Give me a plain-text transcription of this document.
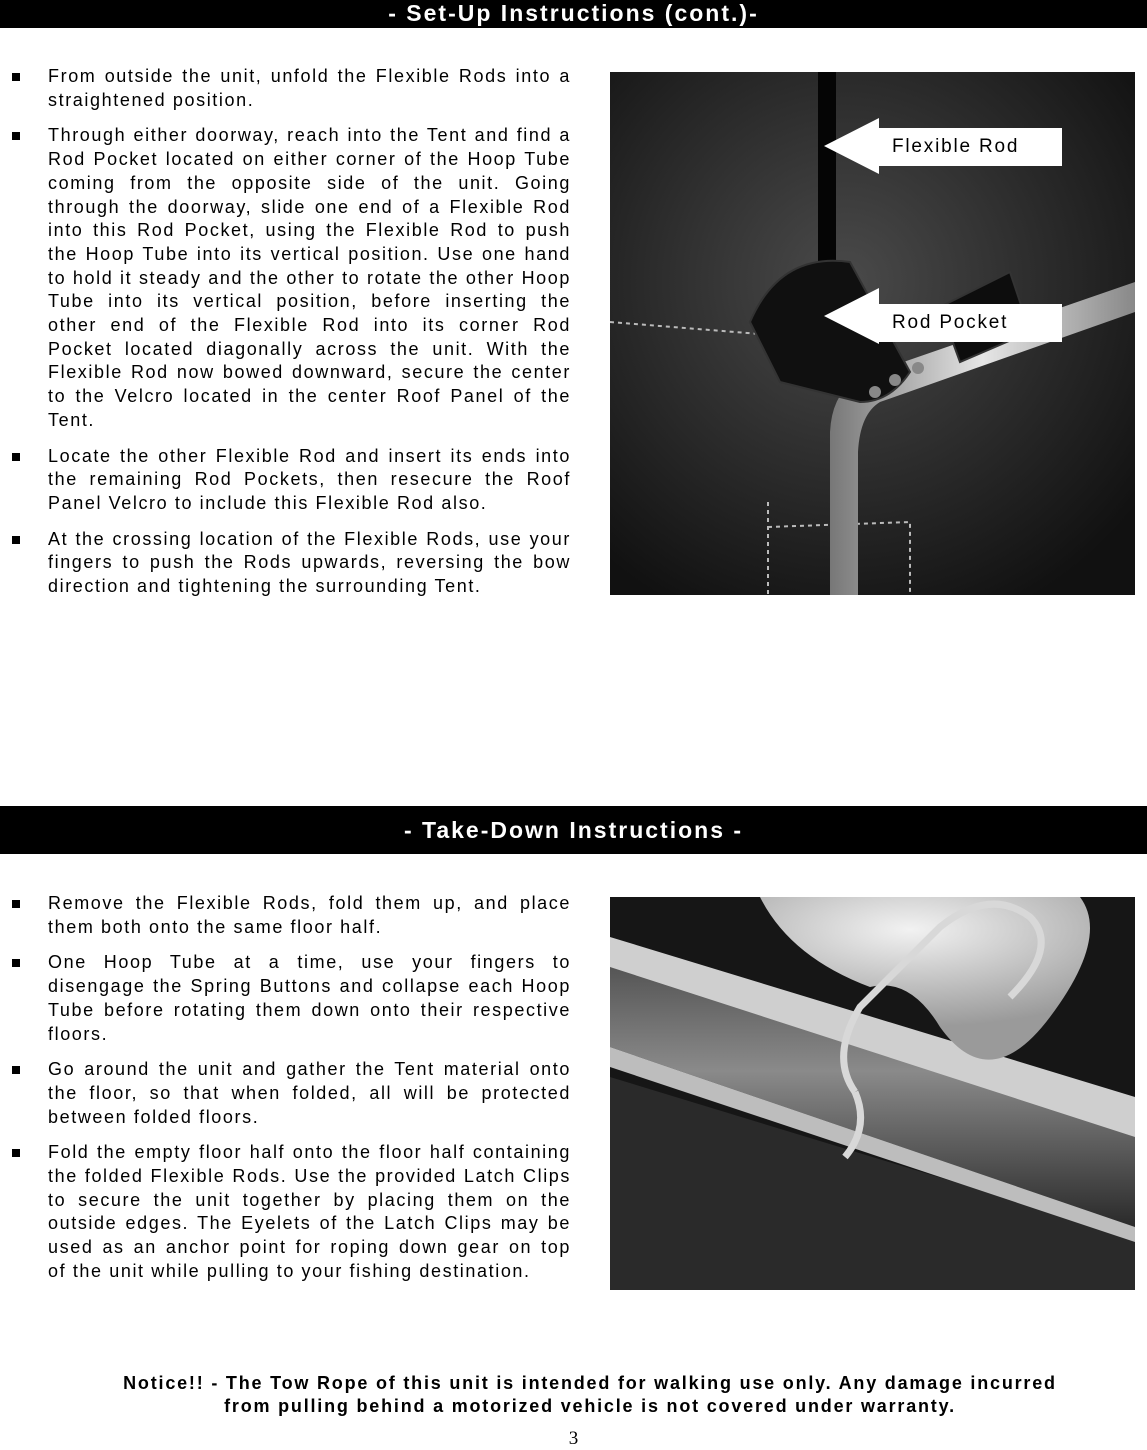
- Set-Up Instructions (cont.)-
From outside the unit, unfold the Flexible Rods into a straightened position.
Through either doorway, reach into the Tent and find a Rod Pocket located on either corner of the Hoop Tube coming from the opposite side of the unit. Going through the doorway, slide one end of a Flexible Rod into this Rod Pocket, using the Flexible Rod to push the Hoop Tube into its vertical position. Use one hand to hold it steady and the other to rotate the other Hoop Tube into its vertical position, before inserting the other end of the Flexible Rod into its corner Rod Pocket located diagonally across the unit. With the Flexible Rod now bowed downward, secure the center to the Velcro located in the center Roof Panel of the Tent.
Locate the other Flexible Rod and insert its ends into the remaining Rod Pockets, then resecure the Roof Panel Velcro to include this Flexible Rod also.
At the crossing location of the Flexible Rods, use your fingers to push the Rods upwards, reversing the bow direction and tightening the surrounding Tent.
Flexible Rod
Rod Pocket
- Take-Down Instructions -
Remove the Flexible Rods, fold them up, and place them both onto the same floor half.
One Hoop Tube at a time, use your fingers to disengage the Spring Buttons and collapse each Hoop Tube before rotating them down onto their respective floors.
Go around the unit and gather the Tent material onto the floor, so that when folded, all will be protected between folded floors.
Fold the empty floor half onto the floor half containing the folded Flexible Rods. Use the provided Latch Clips to secure the unit together by placing them on the outside edges. The Eyelets of the Latch Clips may be used as an anchor point for roping down gear on top of the unit while pulling to your fishing destination.
Notice!! - The Tow Rope of this unit is intended for walking use only. Any damage incurred
from pulling behind a motorized vehicle is not covered under warranty.
3
